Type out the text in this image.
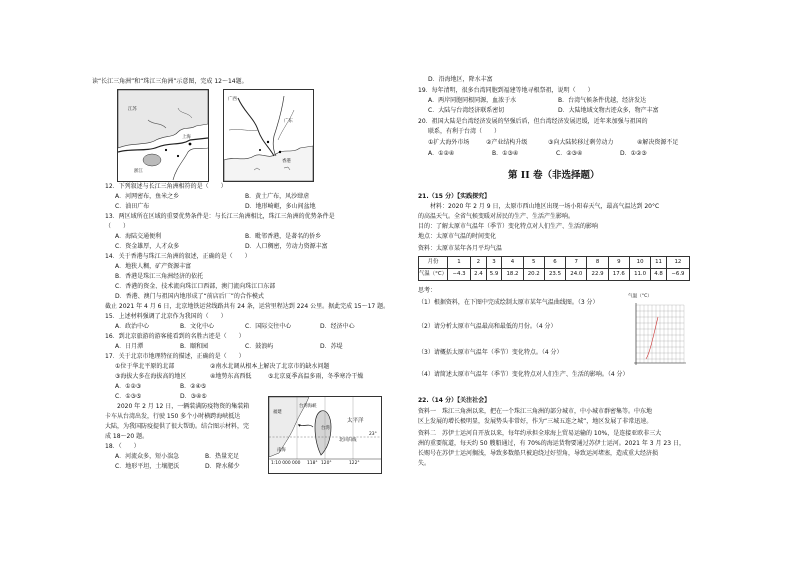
读“长江三角洲”和“珠江三角洲”示意图，完成 12～14题。
江苏
上海
浙江
广西
广东
香港
12．下列叙述与长江三角洲相符的是（　　）
A．河网密布，鱼米之乡	B．黄土广布，风沙肆虐
C．油田广布	D．地形崎岖，多山间盆地
13．两区域所在区域的重要优势条件是：与长江三角洲相比，珠江三角洲的优势条件是
（　　）
A．海陆交通便利	B．毗邻香港，是著名的侨乡
C．资金雄厚，人才众多	D．人口稠密，劳动力资源丰富
14．关于香港与珠江三角洲的叙述，正确的是（　　）
A．地狭人稠，矿产资源丰富
B．香港是珠江三角洲经济的依托
C．香港的资金、技术流向珠江口西部，澳门流向珠江口东部
D．香港、澳门与祖国内地形成了“前店后厂”的合作模式
截止 2021 年 4 月 6 日，北京地铁运营线路共有 24 条，运营里程达到 224 公里。据此完成 15～17 题。
15．上述材料强调了北京作为我国的（　　）
A．政治中心	B．文化中心	C．国际交往中心	D．经济中心
16．到北京旅游的游客能看到的名胜古迹是（　　）
A．日月潭	B．颐和园	C．鼓浪屿	D．苏堤
17．关于北京市地理特征的描述，正确的是（　　）
①位于华北平原的北部	②南水北调从根本上解决了北京市的缺水问题
③海拔大多在海拔高的地区	④地势东高西低	⑤北京夏季高温多雨，冬季寒冷干燥
A．①②③	B．②④⑤
C．①③⑤	D．③④⑤
　　2020 年 2 月 12 日，一辆装满防疫物资的集装箱
卡车从台湾出发，行驶 150 多个小时横跨海峡抵达
大陆，为我国防疫提供了很大帮助。结合图示材料，完
成 18～20 题。
18．（　　）
A．河流众多，短小湍急	B．热量充足
C．地形平坦，土壤肥沃	D．降水稀少
台湾海峡
福建
台湾
太平洋
南海
北回归线
1:10 000 000	122°
120°
118°
23°
D．沿海地区，降水丰富
19．每年清明，很多台湾同胞到福建等地寻根祭祖，说明（　　）
A．两岸同胞同根同源，血浓于水	B．台湾气候条件优越，经济发达
C．大陆与台湾经济联系密切	D．大陆地域文物古迹众多，物产丰富
20．祖国大陆是台湾经济发展的坚强后盾，但台湾经济发展迟缓，近年来加强与祖国的
联系，有利于台湾（　　）
①扩大海外市场	②产业结构升级	③向大陆转移过剩劳动力	④解决资源不足
A．①②④	B．①③④	C．②③④	D．①②③
第 II 卷（非选择题）
21.（15 分）【实践探究】
　　材料：2020 年 2 月 9 日，太原市西山地区出现一场小阳春天气，最高气温达到 20°C
的高温天气。全省气候变暖对居民的生产、生活产生影响。
目的：了解太原市气温年（季节）变化特点对人们生产、生活的影响
地点：太原市气温的时间变化
资料：太原市某年各月平均气温
月份	1	2	3	4	5	6	7	8	9	10	11	12
气温（°C）	−4.3	2.4	5.9	18.2	20.2	23.5	24.0	22.9	17.6	11.0	4.8	−6.9
思考：
（1）根据资料，在下图中完成绘制太原市某年气温曲线图。（3 分）
（2）请分析太原市气温最高和最低的月份。（4 分）
（3）请概括太原市气温年（季节）变化特点。（4 分）
（4）请简述太原市气温年（季节）变化特点对人们生产、生活的影响。（4 分）
气温（°C）
22.（14 分）【关注社会】
资料一　珠江三角洲以来，把在一个珠江三角洲的部分城市，中小城市群密集等。中东地
区上发展的增长极明显，发展势头非常好，作为“三城五连之城”，地区发展了非常迅速。
资料二　苏伊士运河自开放以来，每年约承担全球海上贸易运输的 10%，是连接亚欧非三大
洲的重要航道，每天约 50 艘船通过，有 70%的海运货物要通过苏伊士运河。2021 年 3 月 23 日，
长赐号在苏伊士运河搁浅，导致多数船只被迫绕过好望角，导致运河堵塞，造成重大经济损
失。
